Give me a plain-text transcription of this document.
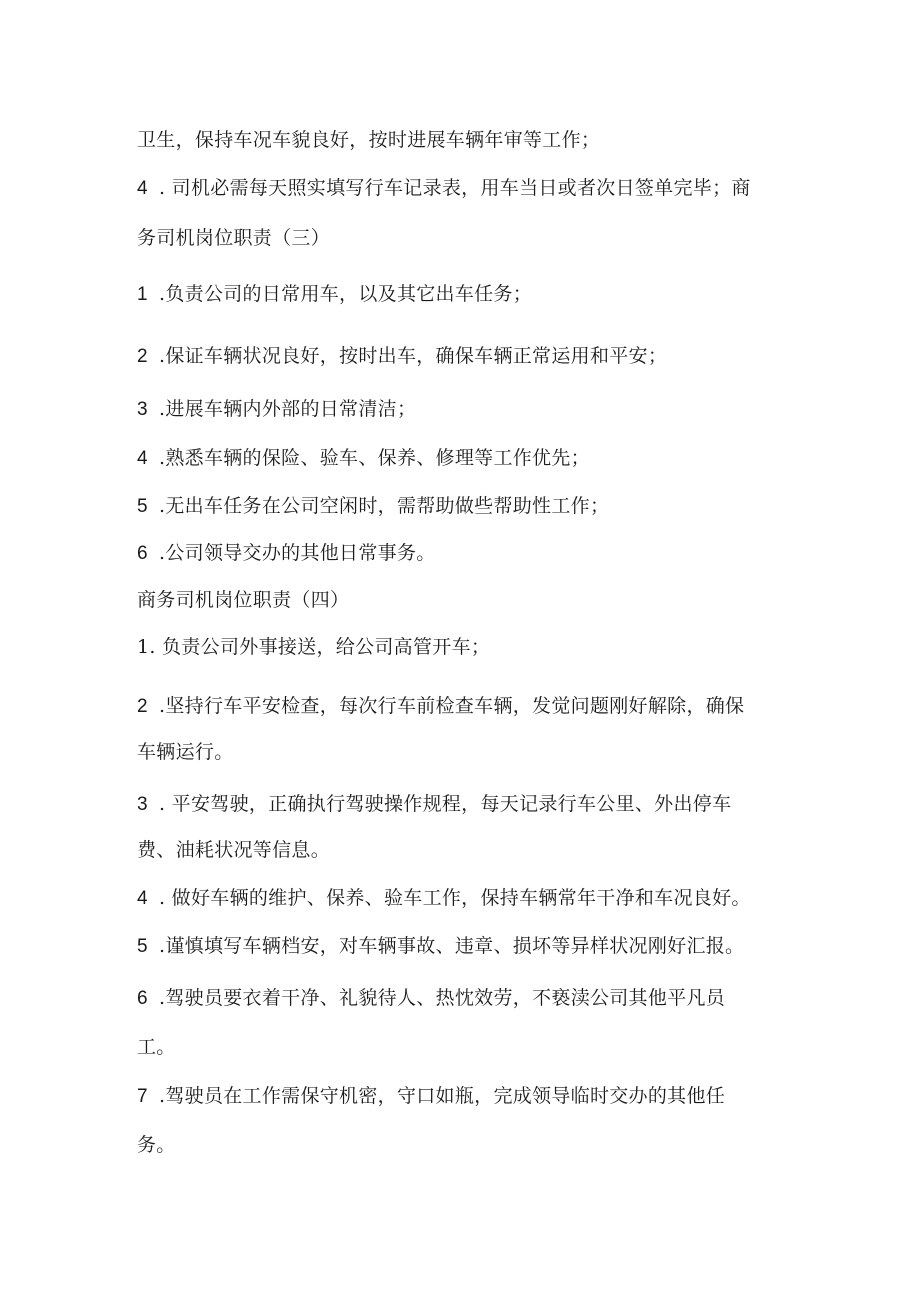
卫生，保持车况车貌良好，按时进展车辆年审等工作；
4 . 司机必需每天照实填写行车记录表，用车当日或者次日签单完毕；商
务司机岗位职责（三）
1 .负责公司的日常用车，以及其它出车任务；
2 .保证车辆状况良好，按时出车，确保车辆正常运用和平安；
3 .进展车辆内外部的日常清洁；
4 .熟悉车辆的保险、验车、保养、修理等工作优先；
5 .无出车任务在公司空闲时，需帮助做些帮助性工作；
6 .公司领导交办的其他日常事务。
商务司机岗位职责（四）
1. 负责公司外事接送，给公司高管开车；
2 .坚持行车平安检查，每次行车前检查车辆，发觉问题刚好解除，确保
车辆运行。
3 . 平安驾驶，正确执行驾驶操作规程，每天记录行车公里、外出停车
费、油耗状况等信息。
4 . 做好车辆的维护、保养、验车工作，保持车辆常年干净和车况良好。
5 .谨慎填写车辆档安，对车辆事故、违章、损坏等异样状况刚好汇报。
6 .驾驶员要衣着干净、礼貌待人、热忱效劳，不亵渎公司其他平凡员
工。
7 .驾驶员在工作需保守机密，守口如瓶，完成领导临时交办的其他任
务。
